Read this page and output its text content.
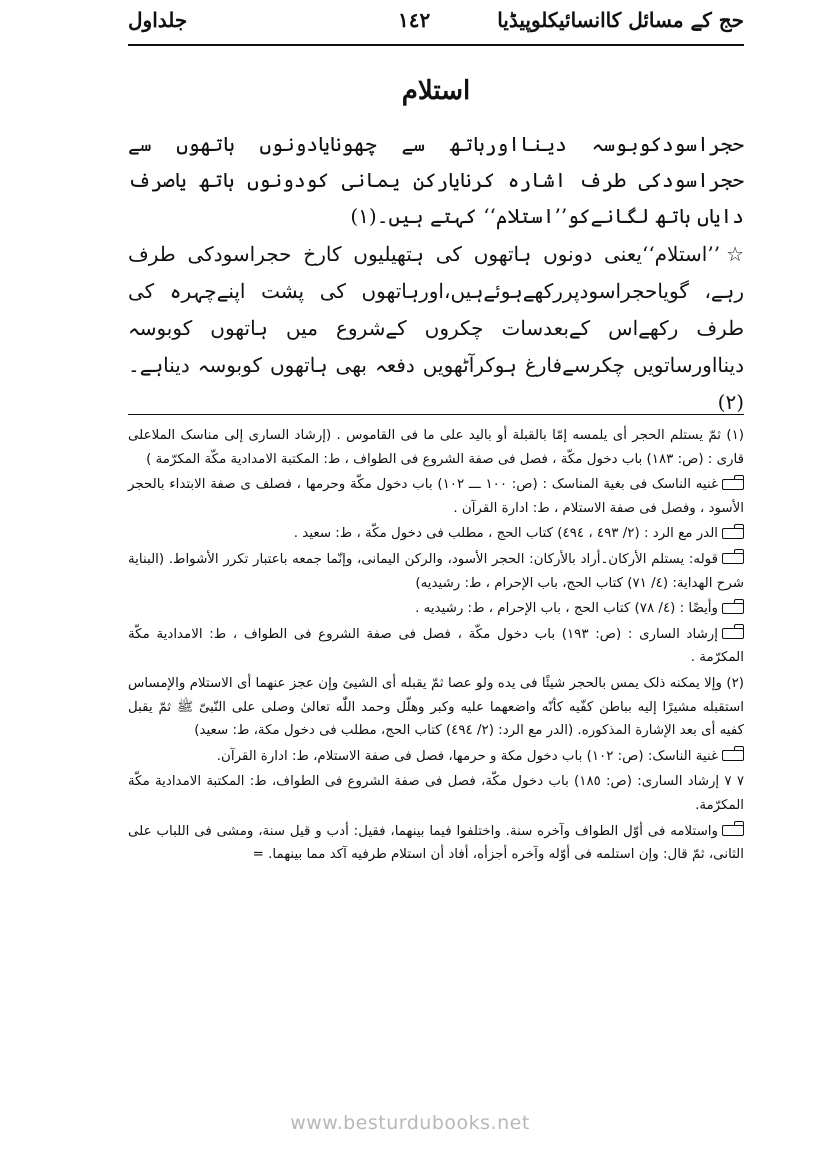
جلداول	١٤٢	حج کے مسائل کاانسائیکلوپیڈیا
استلام
حجراسودکوبوسہ دینااورہاتھ سے چھونایادونوں ہاتھوں سے حجراسودکی طرف اشارہ کرنایارکن یمانی کودونوں ہاتھ یاصرف دایاں ہاتھ لگانےکو’’استلام‘‘ کہتے ہیں۔(۱)
☆’’استلام‘‘یعنی دونوں ہاتھوں کی ہتھیلیوں کارخ حجراسودکی طرف رہے، گویاحجراسودپررکھےہوئےہیں،اورہاتھوں کی پشت اپنےچہرہ کی طرف رکھےاس کےبعدسات چکروں کےشروع میں ہاتھوں کوبوسہ دینااورساتویں چکرسےفارغ ہوکرآٹھویں دفعہ بھی ہاتھوں کوبوسہ دیناہے۔(۲)

(۱) ثمّ یستلم الحجر أی یلمسه إمّا بالقبلة أو بالید علی ما فی القاموس . (إرشاد الساری إلی مناسک الملاعلی قاری : (ص: ١٨٣) باب دخول مکّة ، فصل فی صفة الشروع فی الطواف ، ط: المکتبة الامدادیة مکّة المکرّمة )

غنیه الناسک فی بغیة المناسک : (ص: ١٠٠ ـــ ١٠٢) باب دخول مکّة وحرمها ، فصلف ی صفة الابتداء بالحجر الأسود ، وفصل فی صفة الاستلام ، ط: ادارة القرآن .

الدر مع الرد : (٢/ ٤٩٣ ، ٤٩٤) کتاب الحج ، مطلب فی دخول مکّة ، ط: سعید .

قوله: یستلم الأرکان۔أراد بالأرکان: الحجر الأسود، والرکن الیمانی، وإنّما جمعه باعتبار تکرر الأشواط. (البنایة شرح الهدایة: (٤/ ٧١) کتاب الحج، باب الإحرام ، ط: رشیدیه)

وأیضًا : (٤/ ٧٨) کتاب الحج ، باب الإحرام ، ط: رشیدیه .

إرشاد الساری : (ص: ١٩٣) باب دخول مکّة ، فصل فی صفة الشروع فی الطواف ، ط: الامدادیة مکّة المکرّمة .

(۲) وإلا یمکنه ذلک یمس بالحجر شیئًا فی یده ولو عصا ثمّ یقبله أی الشیئ وإن عجز عنهما أی الاستلام والإمساس استقبله مشیرًا إلیه بباطن کفّیه کأنّه واضعهما علیه وکبر وهلّل وحمد اللّٰه تعالیٰ وصلی علی النّبیّ ﷺ ثمّ یقبل کفیه أی بعد الإشارة المذکوره. (الدر مع الرد: (٢/ ٤٩٤) کتاب الحج، مطلب فی دخول مکة، ط: سعید)

غنیة الناسک: (ص: ١٠٢) باب دخول مکة و حرمها، فصل فی صفة الاستلام، ط: ادارة القرآن.

٧ ٧ إرشاد الساری: (ص: ١٨٥) باب دخول مکّة، فصل فی صفة الشروع فی الطواف، ط: المکتبة الامدادیة مکّة المکرّمة.

واستلامه فی أوّل الطواف وآخره سنة. واختلفوا فیما بینهما، فقیل: أدب و قیل سنة، ومشی فی اللباب علی الثانی، ثمّ قال: وإن استلمه فی أوّله وآخره أجزأه، أفاد أن استلام طرفیه آکد مما بینهما. =

www.besturdubooks.net
